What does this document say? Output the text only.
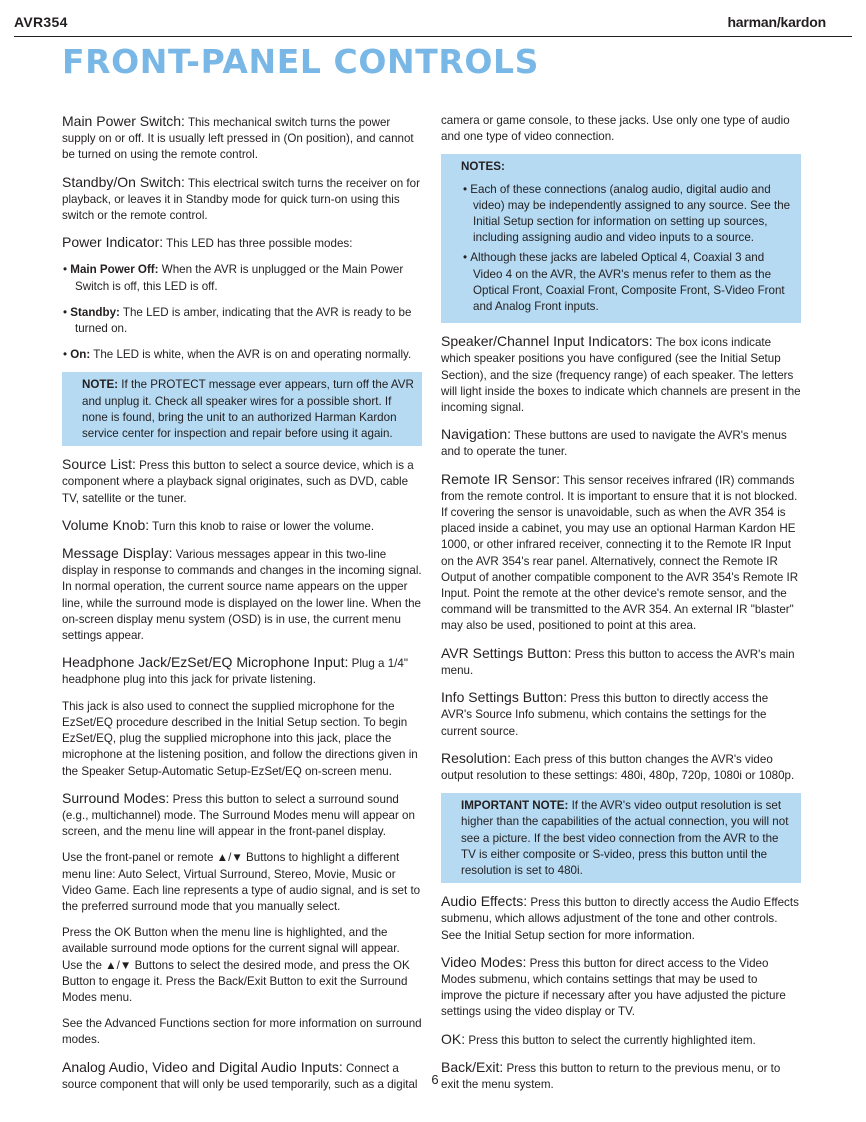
AVR354	harman/kardon
FRONT-PANEL CONTROLS

Main Power Switch: This mechanical switch turns the power supply on or off. It is usually left pressed in (On position), and cannot be turned on using the remote control.

Standby/On Switch: This electrical switch turns the receiver on for playback, or leaves it in Standby mode for quick turn-on using this switch or the remote control.

Power Indicator: This LED has three possible modes:

• Main Power Off: When the AVR is unplugged or the Main Power Switch is off, this LED is off.
• Standby: The LED is amber, indicating that the AVR is ready to be turned on.
• On: The LED is white, when the AVR is on and operating normally.
NOTE: If the PROTECT message ever appears, turn off the AVR and unplug it. Check all speaker wires for a possible short. If none is found, bring the unit to an authorized Harman Kardon service center for inspection and repair before using it again.

Source List: Press this button to select a source device, which is a component where a playback signal originates, such as DVD, cable TV, satellite or the tuner.

Volume Knob: Turn this knob to raise or lower the volume.

Message Display: Various messages appear in this two-line display in response to commands and changes in the incoming signal. In normal operation, the current source name appears on the upper line, while the surround mode is displayed on the lower line. When the on-screen display menu system (OSD) is in use, the current menu settings appear.

Headphone Jack/EzSet/EQ Microphone Input: Plug a 1/4" headphone plug into this jack for private listening.

This jack is also used to connect the supplied microphone for the EzSet/EQ procedure described in the Initial Setup section. To begin EzSet/EQ, plug the supplied microphone into this jack, place the microphone at the listening position, and follow the directions given in the Speaker Setup-Automatic Setup-EzSet/EQ on-screen menu.

Surround Modes: Press this button to select a surround sound (e.g., multichannel) mode. The Surround Modes menu will appear on screen, and the menu line will appear in the front-panel display.

Use the front-panel or remote ▲/▼ Buttons to highlight a different menu line: Auto Select, Virtual Surround, Stereo, Movie, Music or Video Game. Each line represents a type of audio signal, and is set to the preferred surround mode that you manually select.

Press the OK Button when the menu line is highlighted, and the available surround mode options for the current signal will appear. Use the ▲/▼ Buttons to select the desired mode, and press the OK Button to engage it. Press the Back/Exit Button to exit the Surround Modes menu.

See the Advanced Functions section for more information on surround modes.

Analog Audio, Video and Digital Audio Inputs: Connect a source component that will only be used temporarily, such as a digital

camera or game console, to these jacks. Use only one type of audio and one type of video connection.

NOTES:
• Each of these connections (analog audio, digital audio and video) may be independently assigned to any source. See the Initial Setup section for information on setting up sources, including assigning audio and video inputs to a source.
• Although these jacks are labeled Optical 4, Coaxial 3 and Video 4 on the AVR, the AVR's menus refer to them as the Optical Front, Coaxial Front, Composite Front, S-Video Front and Analog Front inputs.

Speaker/Channel Input Indicators: The box icons indicate which speaker positions you have configured (see the Initial Setup Section), and the size (frequency range) of each speaker. The letters will light inside the boxes to indicate which channels are present in the incoming signal.

Navigation: These buttons are used to navigate the AVR's menus and to operate the tuner.

Remote IR Sensor: This sensor receives infrared (IR) commands from the remote control. It is important to ensure that it is not blocked. If covering the sensor is unavoidable, such as when the AVR 354 is placed inside a cabinet, you may use an optional Harman Kardon HE 1000, or other infrared receiver, connecting it to the Remote IR Input on the AVR 354's rear panel. Alternatively, connect the Remote IR Output of another compatible component to the AVR 354's Remote IR Input. Point the remote at the other device's remote sensor, and the command will be transmitted to the AVR 354. An external IR "blaster" may also be used, positioned to point at this area.

AVR Settings Button: Press this button to access the AVR's main menu.

Info Settings Button: Press this button to directly access the AVR's Source Info submenu, which contains the settings for the current source.

Resolution: Each press of this button changes the AVR's video output resolution to these settings: 480i, 480p, 720p, 1080i or 1080p.

IMPORTANT NOTE: If the AVR's video output resolution is set higher than the capabilities of the actual connection, you will not see a picture. If the best video connection from the AVR to the TV is either composite or S-video, press this button until the resolution is set to 480i.

Audio Effects: Press this button to directly access the Audio Effects submenu, which allows adjustment of the tone and other controls. See the Initial Setup section for more information.

Video Modes: Press this button for direct access to the Video Modes submenu, which contains settings that may be used to improve the picture if necessary after you have adjusted the picture settings using the video display or TV.

OK: Press this button to select the currently highlighted item.

Back/Exit: Press this button to return to the previous menu, or to exit the menu system.

6
